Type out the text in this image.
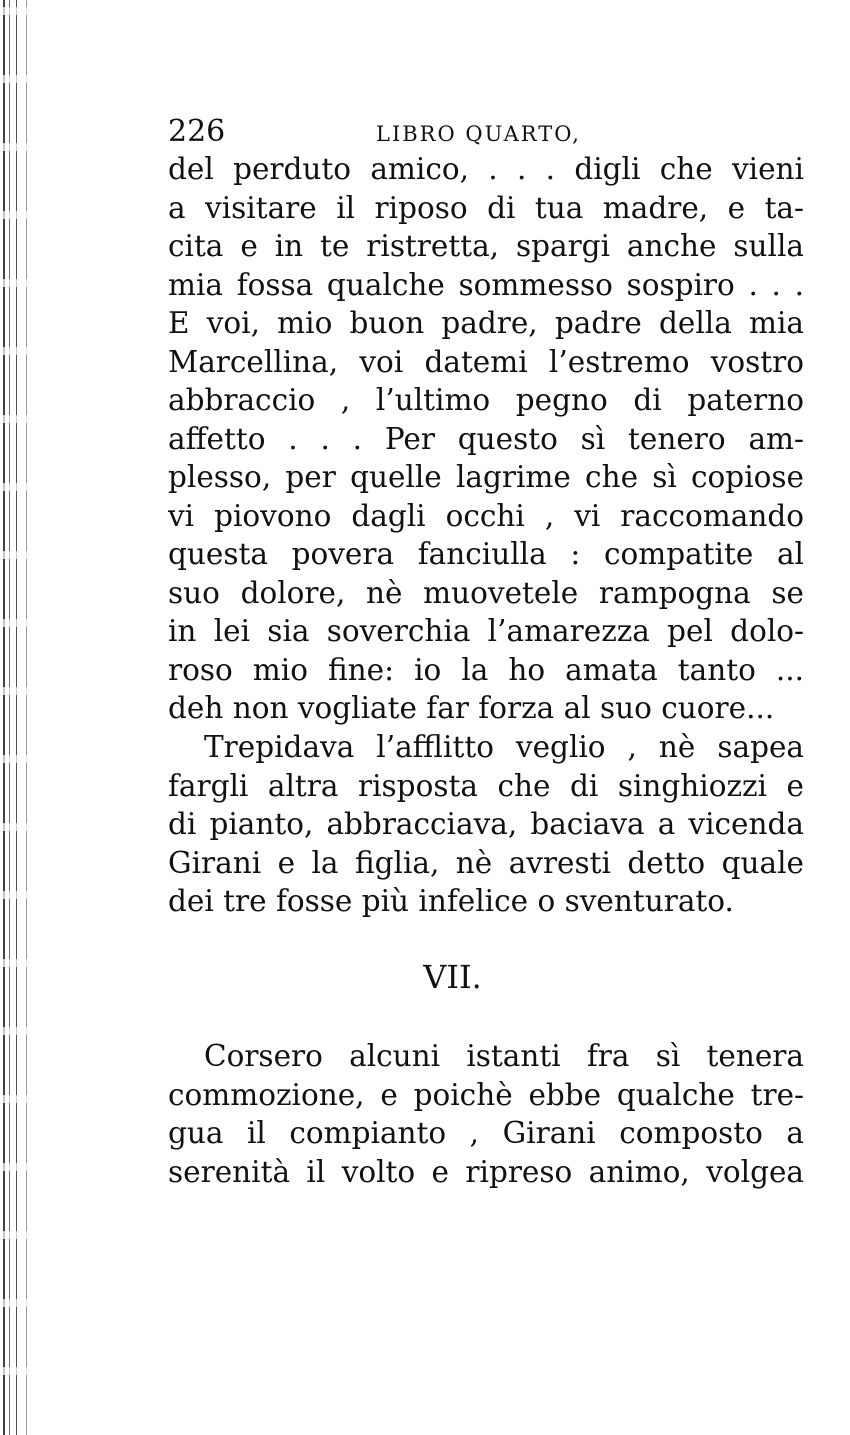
226	LIBRO QUARTO,
del perduto amico, . . . digli che vieni
a visitare il riposo di tua madre, e ta-
cita e in te ristretta, spargi anche sulla
mia fossa qualche sommesso sospiro . . .
E voi, mio buon padre, padre della mia
Marcellina, voi datemi l’estremo vostro
abbraccio , l’ultimo pegno di paterno
affetto . . . Per questo sì tenero am-
plesso, per quelle lagrime che sì copiose
vi piovono dagli occhi , vi raccomando
questa povera fanciulla : compatite al
suo dolore, nè muovetele rampogna se
in lei sia soverchia l’amarezza pel dolo-
roso mio fine: io la ho amata tanto ...
deh non vogliate far forza al suo cuore...
Trepidava l’afflitto veglio , nè sapea
fargli altra risposta che di singhiozzi e
di pianto, abbracciava, baciava a vicenda
Girani e la figlia, nè avresti detto quale
dei tre fosse più infelice o sventurato.
VII.
Corsero alcuni istanti fra sì tenera
commozione, e poichè ebbe qualche tre-
gua il compianto , Girani composto a
serenità il volto e ripreso animo, volgea
